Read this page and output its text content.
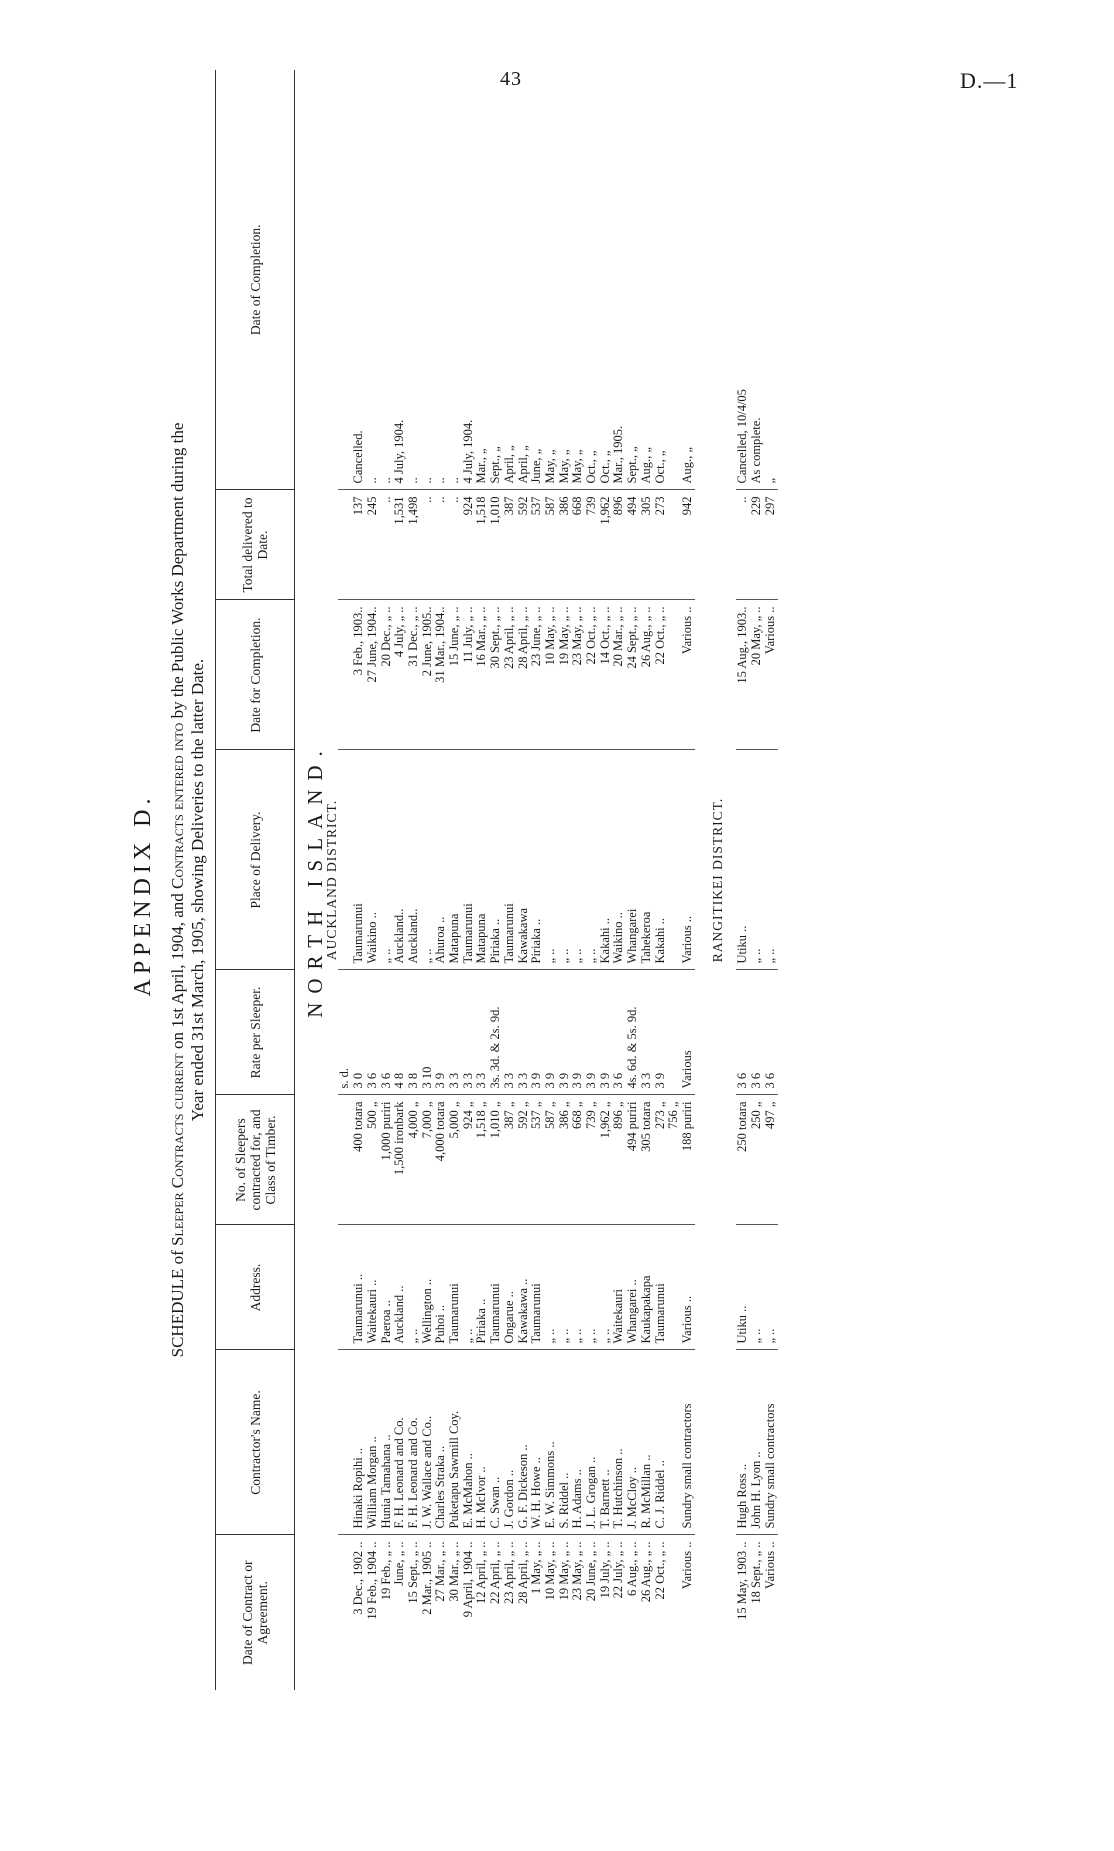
43	D.—1
APPENDIX D.
SCHEDULE of Sleeper Contracts current on 1st April, 1904, and Contracts entered into by the Public Works Department during the
Year ended 31st March, 1905, showing Deliveries to the latter Date.
Date of Contract or Agreement.	Contractor's Name.	Address.	No. of Sleepers contracted for, and Class of Timber.	Rate per Sleeper.	Place of Delivery.	Date for Completion.	Total delivered to Date.	Date of Completion.
NORTH ISLAND.								
AUCKLAND DISTRICT.								
				s. d.				
3 Dec., 1902 ..	Hinaki Ropihi ..	Taumarunui ..	400 totara	3 0	Taumarunui	3 Feb., 1903..	137	Cancelled.
19 Feb., 1904 ..	William Morgan ..	Waitekauri ..	500 „	3 6	Waikino ..	27 June, 1904..	245	..
19 Feb., „ ..	Hunia Tamahana ..	Paeroa ..	1,000 puriri	3 6	„ ..	20 Dec., „ ..	..	..
June, „ ..	F. H. Leonard and Co.	Auckland ..	1,500 ironbark	4 8	Auckland..	4 July, „ ..	1,531	4 July, 1904.
15 Sept., „ ..	F. H. Leonard and Co.	„ ..	4,000 „	3 8	Auckland..	31 Dec., „ ..	1,498	..
2 Mar., 1905 ..	J. W. Wallace and Co..	Wellington ..	7,000 „	3 10	„ ..	2 June, 1905..	..	..
27 Mar., „ ..	Charles Straka ..	Puhoi ..	4,000 totara	3 9	Ahuroa ..	31 Mar., 1904..	..	..
30 Mar., „ ..	Puketapu Sawmill Coy.	Taumarunui	5,000 „	3 3	Matapuna	15 June, „ ..	..	..
9 April, 1904 ..	E. McMahon ..	„ ..	924 „	3 3	Taumarunui	11 July, „ ..	924	4 July, 1904.
12 April, „ ..	H. McIvor ..	Piriaka ..	1,518 „	3 3	Matapuna	16 Mar., „ ..	1,518	Mar., „
22 April, „ ..	C. Swan ..	Taumarunui	1,010 „	3s. 3d. & 2s. 9d.	Piriaka ..	30 Sept., „ ..	1,010	Sept., „
23 April, „ ..	J. Gordon ..	Ongarue ..	387 „	3 3	Taumarunui	23 April, „ ..	387	April, „
28 April, „ ..	G. F. Dickeson ..	Kawakawa ..	592 „	3 3	Kawakawa	28 April, „ ..	592	April, „
1 May, „ ..	W. H. Howe ..	Taumarunui	537 „	3 9	Piriaka ..	23 June, „ ..	537	June, „
10 May, „ ..	E. W. Simmons ..	„ ..	587 „	3 9	„ ..	10 May, „ ..	587	May, „
19 May, „ ..	S. Riddel ..	„ ..	386 „	3 9	„ ..	19 May, „ ..	386	May, „
23 May, „ ..	H. Adams ..	„ ..	668 „	3 9	„ ..	23 May, „ ..	668	May, „
20 June, „ ..	J. L. Grogan ..	„ ..	739 „	3 9	„ ..	22 Oct., „ ..	739	Oct., „
19 July, „ ..	T. Barnett ..	„ ..	1,962 „	3 9	Kakahi ..	14 Oct., „ ..	1,962	Oct., „
22 July, „ ..	T. Hutchinson ..	Waitekauri	896 „	3 6	Waikino ..	20 Mar., „ ..	896	Mar., 1905.
6 Aug., „ ..	J. McCloy ..	Whangarei ..	494 puriri	4s. 6d. & 5s. 9d.	Whangarei	24 Sept., „ ..	494	Sept., „
26 Aug., „ ..	R. McMillan ..	Kaukapakapa	305 totara	3 3	Tahekeroa	26 Aug., „ ..	305	Aug., „
22 Oct., „ ..	C. J. Riddel ..	Taumarunui	273 „	3 9	Kakahi ..	22 Oct., „ ..	273	Oct., „
			756 „					
Various ..	Sundry small contractors	Various ..	188 puriri	Various	Various ..	Various ..	942	Aug., „

RANGITIKEI DISTRICT.								

15 May, 1903 ..	Hugh Ross ..	Utiku ..	250 totara	3 6	Utiku ..	15 Aug., 1903..	..	Cancelled, 10/4/05
18 Sept., „ ..	John H. Lyon ..	„ ..	250 „	3 6	„ ..	20 May, „ ..	229	As complete.
Various ..	Sundry small contractors	„ ..	497 „	3 6	„ ..	Various ..	297	„
